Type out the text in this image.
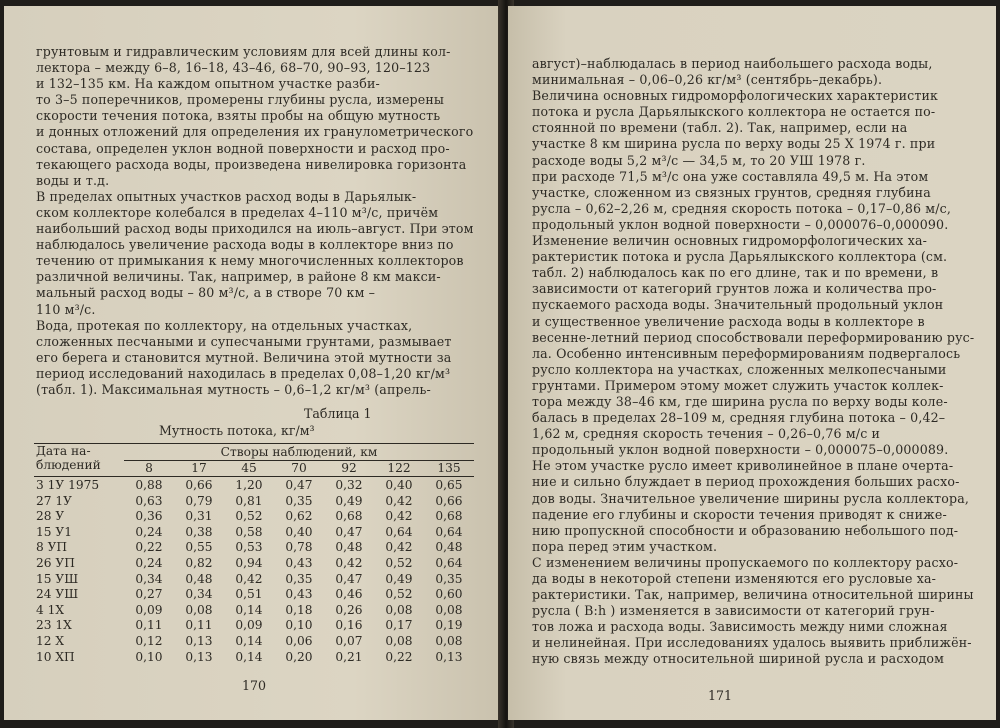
грунтовым и гидравлическим условиям для всей длины кол-
лектора – между 6–8, 16–18, 43–46, 68–70, 90–93, 120–123
и 132–135 км. На каждом опытном участке разби-
то 3–5 поперечников, промерены глубины русла, измерены
скорости течения потока, взяты пробы на общую мутность
и донных отложений для определения их гранулометрического
состава, определен уклон водной поверхности и расход про-
текающего расхода воды, произведена нивелировка горизонта
воды и т.д.
В пределах опытных участков расход воды в Дарьялык-
ском коллекторе колебался в пределах 4–110 м³/с, причём
наибольший расход воды приходился на июль–август. При этом
наблюдалось увеличение расхода воды в коллекторе вниз по
течению от примыкания к нему многочисленных коллекторов
различной величины. Так, например, в районе 8 км макси-
мальный расход воды – 80 м³/с, а в створе 70 км –
110 м³/с.
Вода, протекая по коллектору, на отдельных участках,
сложенных песчаными и супесчаными грунтами, размывает
его берега и становится мутной. Величина этой мутности за
период исследований находилась в пределах 0,08–1,20 кг/м³
(табл. 1). Максимальная мутность – 0,6–1,2 кг/м³ (апрель-
Таблица 1
Мутность потока, кг/м³
Дата на-
блюдений	Створы наблюдений, км						
	8	17	45	70	92	122	135
3 1У 1975	0,88	0,66	1,20	0,47	0,32	0,40	0,65
27 1У	0,63	0,79	0,81	0,35	0,49	0,42	0,66
28 У	0,36	0,31	0,52	0,62	0,68	0,42	0,68
15 У1	0,24	0,38	0,58	0,40	0,47	0,64	0,64
8 УП	0,22	0,55	0,53	0,78	0,48	0,42	0,48
26 УП	0,24	0,82	0,94	0,43	0,42	0,52	0,64
15 УШ	0,34	0,48	0,42	0,35	0,47	0,49	0,35
24 УШ	0,27	0,34	0,51	0,43	0,46	0,52	0,60
4 1Х	0,09	0,08	0,14	0,18	0,26	0,08	0,08
23 1Х	0,11	0,11	0,09	0,10	0,16	0,17	0,19
12 Х	0,12	0,13	0,14	0,06	0,07	0,08	0,08
10 ХП	0,10	0,13	0,14	0,20	0,21	0,22	0,13
170
август)–наблюдалась в период наибольшего расхода воды,
минимальная – 0,06–0,26 кг/м³ (сентябрь–декабрь).
Величина основных гидроморфологических характеристик
потока и русла Дарьялыкского коллектора не остается по-
стоянной по времени (табл. 2). Так, например, если на
участке 8 км ширина русла по верху воды 25 Х 1974 г. при
расходе воды 5,2 м³/с — 34,5 м, то 20 УШ 1978 г.
при расходе 71,5 м³/с она уже составляла 49,5 м. На этом
участке, сложенном из связных грунтов, средняя глубина
русла – 0,62–2,26 м, средняя скорость потока – 0,17–0,86 м/с,
продольный уклон водной поверхности – 0,000076–0,000090.
Изменение величин основных гидроморфологических ха-
рактеристик потока и русла Дарьялыкского коллектора (см.
табл. 2) наблюдалось как по его длине, так и по времени, в
зависимости от категорий грунтов ложа и количества про-
пускаемого расхода воды. Значительный продольный уклон
и существенное увеличение расхода воды в коллекторе в
весенне-летний период способствовали переформированию рус-
ла. Особенно интенсивным переформированиям подвергалось
русло коллектора на участках, сложенных мелкопесчаными
грунтами. Примером этому может служить участок коллек-
тора между 38–46 км, где ширина русла по верху воды коле-
балась в пределах 28–109 м, средняя глубина потока – 0,42–
1,62 м, средняя скорость течения – 0,26–0,76 м/с и
продольный уклон водной поверхности – 0,000075–0,000089.
Не этом участке русло имеет криволинейное в плане очерта-
ние и сильно блуждает в период прохождения больших расхо-
дов воды. Значительное увеличение ширины русла коллектора,
падение его глубины и скорости течения приводят к сниже-
нию пропускной способности и образованию небольшого под-
пора перед этим участком.
С изменением величины пропускаемого по коллектору расхо-
да воды в некоторой степени изменяются его русловые ха-
рактеристики. Так, например, величина относительной ширины
русла ( B:h ) изменяется в зависимости от категорий грун-
тов ложа и расхода воды. Зависимость между ними сложная
и нелинейная. При исследованиях удалось выявить приближён-
ную связь между относительной шириной русла и расходом
171
